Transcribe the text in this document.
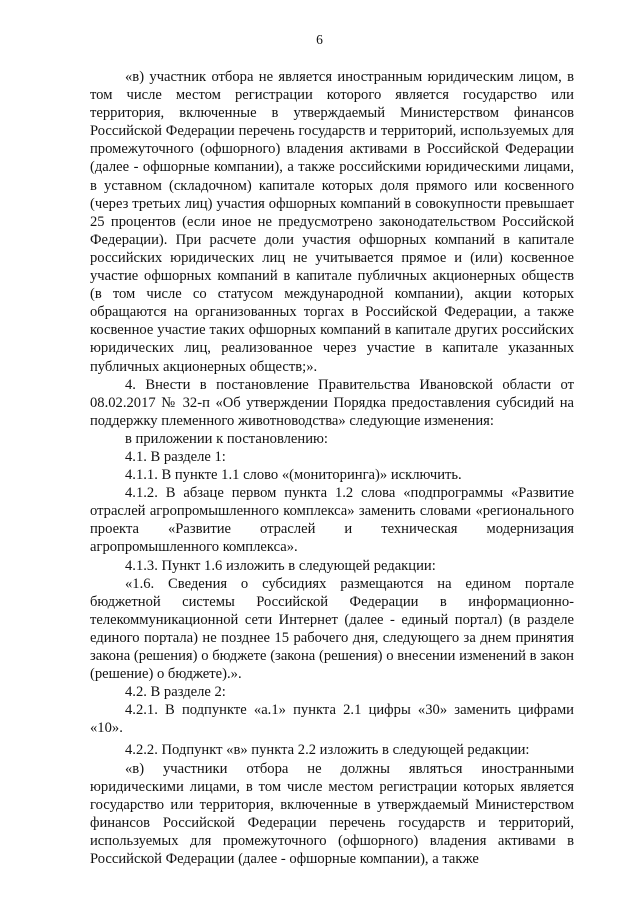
6

«в) участник отбора не является иностранным юридическим лицом, в том числе местом регистрации которого является государство или территория, включенные в утверждаемый Министерством финансов Российской Федерации перечень государств и территорий, используемых для промежуточного (офшорного) владения активами в Российской Федерации (далее - офшорные компании), а также российскими юридическими лицами, в уставном (складочном) капитале которых доля прямого или косвенного (через третьих лиц) участия офшорных компаний в совокупности превышает 25 процентов (если иное не предусмотрено законодательством Российской Федерации). При расчете доли участия офшорных компаний в капитале российских юридических лиц не учитывается прямое и (или) косвенное участие офшорных компаний в капитале публичных акционерных обществ (в том числе со статусом международной компании), акции которых обращаются на организованных торгах в Российской Федерации, а также косвенное участие таких офшорных компаний в капитале других российских юридических лиц, реализованное через участие в капитале указанных публичных акционерных обществ;».

4. Внести в постановление Правительства Ивановской области от 08.02.2017 № 32-п «Об утверждении Порядка предоставления субсидий на поддержку племенного животноводства» следующие изменения:

в приложении к постановлению:

4.1. В разделе 1:

4.1.1. В пункте 1.1 слово «(мониторинга)» исключить.

4.1.2. В абзаце первом пункта 1.2 слова «подпрограммы «Развитие отраслей агропромышленного комплекса» заменить словами «регионального проекта «Развитие отраслей и техническая модернизация агропромышленного комплекса».

4.1.3. Пункт 1.6 изложить в следующей редакции:

«1.6. Сведения о субсидиях размещаются на едином портале бюджетной системы Российской Федерации в информационно-телекоммуникационной сети Интернет (далее - единый портал) (в разделе единого портала) не позднее 15 рабочего дня, следующего за днем принятия закона (решения) о бюджете (закона (решения) о внесении изменений в закон (решение) о бюджете).».

4.2. В разделе 2:

4.2.1. В подпункте «а.1» пункта 2.1 цифры «30» заменить цифрами «10».

4.2.2. Подпункт «в» пункта 2.2 изложить в следующей редакции:

«в) участники отбора не должны являться иностранными юридическими лицами, в том числе местом регистрации которых является государство или территория, включенные в утверждаемый Министерством финансов Российской Федерации перечень государств и территорий, используемых для промежуточного (офшорного) владения активами в Российской Федерации (далее - офшорные компании), а также
